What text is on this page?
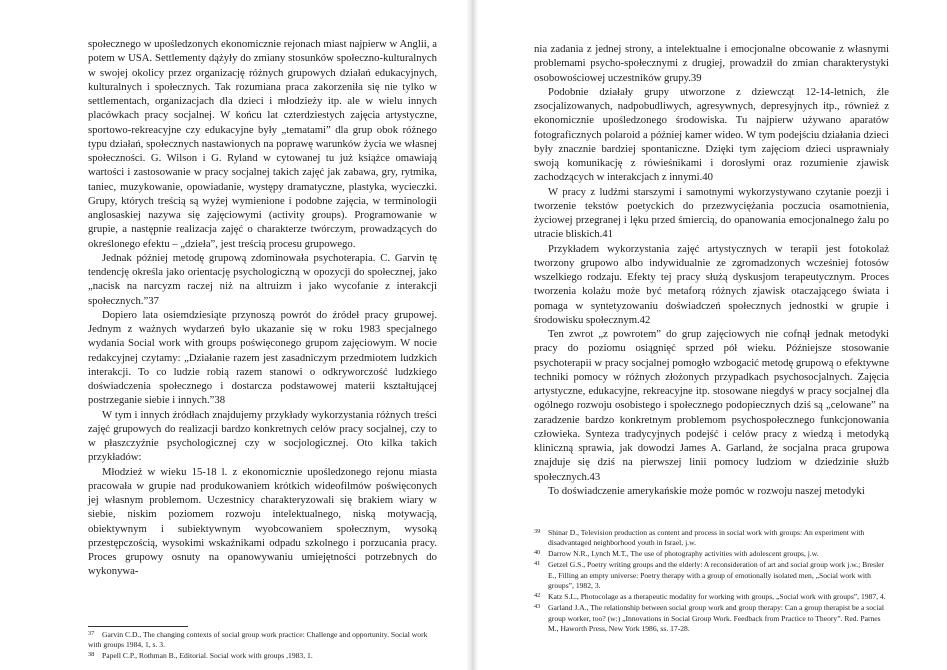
społecznego w upośledzonych ekonomicznie rejonach miast najpierw w Anglii, a potem w USA. Settlementy dążyły do zmiany stosunków społeczno-kulturalnych w swojej okolicy przez organizację różnych grupowych działań edukacyjnych, kulturalnych i społecznych. Tak rozumiana praca zakorzeniła się nie tylko w settlementach, organizacjach dla dzieci i młodzieży itp. ale w wielu innych placówkach pracy socjalnej. W końcu lat czterdziestych zajęcia artystyczne, sportowo-rekreacyjne czy edukacyjne były „tematami” dla grup obok różnego typu działań, społecznych nastawionych na poprawę warunków życia we własnej społeczności. G. Wilson i G. Ryland w cytowanej tu już książce omawiają wartości i zastosowanie w pracy socjalnej takich zajęć jak zabawa, gry, rytmika, taniec, muzykowanie, opowiadanie, występy dramatyczne, plastyka, wycieczki. Grupy, których treścią są wyżej wymienione i podobne zajęcia, w terminologii anglosaskiej nazywa się zajęciowymi (activity groups). Programowanie w grupie, a następnie realizacja zajęć o charakterze twórczym, prowadzących do określonego efektu – „dzieła”, jest treścią procesu grupowego.

Jednak później metodę grupową zdominowała psychoterapia. C. Garvin tę tendencję określa jako orientację psychologiczną w opozycji do społecznej, jako „nacisk na narcyzm raczej niż na altruizm i jako wycofanie z interakcji społecznych.”37

Dopiero lata osiemdziesiąte przynoszą powrót do źródeł pracy grupowej. Jednym z ważnych wydarzeń było ukazanie się w roku 1983 specjalnego wydania Social work with groups poświęconego grupom zajęciowym. W nocie redakcyjnej czytamy: „Działanie razem jest zasadniczym przedmiotem ludzkich interakcji. To co ludzie robią razem stanowi o odkryworczość ludzkiego doświadczenia społecznego i dostarcza podstawowej materii kształtującej postrzeganie siebie i innych.”38

W tym i innych źródłach znajdujemy przykłady wykorzystania różnych treści zajęć grupowych do realizacji bardzo konkretnych celów pracy socjalnej, czy to w płaszczyźnie psychologicznej czy w socjologicznej. Oto kilka takich przykładów:

Młodzież w wieku 15-18 l. z ekonomicznie upośledzonego rejonu miasta pracowała w grupie nad produkowaniem krótkich wideofilmów poświęconych jej własnym problemom. Uczestnicy charakteryzowali się brakiem wiary w siebie, niskim poziomem rozwoju intelektualnego, niską motywacją, obiektywnym i subiektywnym wyobcowaniem społecznym, wysoką przestępczością, wysokimi wskaźnikami odpadu szkolnego i porzucania pracy. Proces grupowy osnuty na opanowywaniu umiejętności potrzebnych do wykonywa-

37 Garvin C.D., The changing contexts of social group work practice: Challenge and opportunity. Social work with groups 1984, 1, s. 3.

38 Papell C.P., Rothman B., Editorial. Social work with groups ,1983, 1.

nia zadania z jednej strony, a intelektualne i emocjonalne obcowanie z własnymi problemami psycho-społecznymi z drugiej, prowadził do zmian charakterystyki osobowościowej uczestników grupy.39

Podobnie działały grupy utworzone z dziewcząt 12-14-letnich, źle zsocjalizowanych, nadpobudliwych, agresywnych, depresyjnych itp., również z ekonomicznie upośledzonego środowiska. Tu najpierw używano aparatów fotograficznych polaroid a później kamer wideo. W tym podejściu działania dzieci były znacznie bardziej spontaniczne. Dzięki tym zajęciom dzieci usprawniały swoją komunikację z rówieśnikami i dorosłymi oraz rozumienie zjawisk zachodzących w interakcjach z innymi.40

W pracy z ludźmi starszymi i samotnymi wykorzystywano czytanie poezji i tworzenie tekstów poetyckich do przezwyciężania poczucia osamotnienia, życiowej przegranej i lęku przed śmiercią, do opanowania emocjonalnego żalu po utracie bliskich.41

Przykładem wykorzystania zajęć artystycznych w terapii jest fotokolaż tworzony grupowo albo indywidualnie ze zgromadzonych wcześniej fotosów wszelkiego rodzaju. Efekty tej pracy służą dyskusjom terapeutycznym. Proces tworzenia kolażu może być metaforą różnych zjawisk otaczającego świata i pomaga w syntetyzowaniu doświadczeń społecznych jednostki w grupie i środowisku społecznym.42

Ten zwrot „z powrotem” do grup zajęciowych nie cofnął jednak metodyki pracy do poziomu osiągnięć sprzed pół wieku. Późniejsze stosowanie psychoterapii w pracy socjalnej pomogło wzbogacić metodę grupową o efektywne techniki pomocy w różnych złożonych przypadkach psychosocjalnych. Zajęcia artystyczne, edukacyjne, rekreacyjne itp. stosowane niegdyś w pracy socjalnej dla ogólnego rozwoju osobistego i społecznego podopiecznych dziś są „celowane” na zaradzenie bardzo konkretnym problemom psychospołecznego funkcjonowania człowieka. Synteza tradycyjnych podejść i celów pracy z wiedzą i metodyką kliniczną sprawia, jak dowodzi James A. Garland, że socjalna praca grupowa znajduje się dziś na pierwszej linii pomocy ludziom w dziedzinie służb społecznych.43

To doświadczenie amerykańskie może pomóc w rozwoju naszej metodyki

39 Shinar D., Television production as content and process in social work with groups: An experiment with disadvantaged neighborhood youth in Israel, j.w.

40 Darrow N.R., Lynch M.T., The use of photography activities with adolescent groups, j.w.

41 Getzel G.S., Poetry writing groups and the elderly: A reconsideration of art and social group work j.w.; Bresler E., Filling an empty universe: Poetry therapy with a group of emotionally isolated men, „Social work with groups”, 1982, 3.

42 Katz S.L., Photocolage as a therapeutic modality for working with groups, „Social work with groups”, 1987, 4.

43 Garland J.A., The relationship between social group work and group therapy: Can a group therapist be a social group worker, too? (w:) „Innovations in Social Group Work. Feedback from Practice to Theory”. Red. Parnes M., Haworth Press, New York 1986, ss. 17-28.
